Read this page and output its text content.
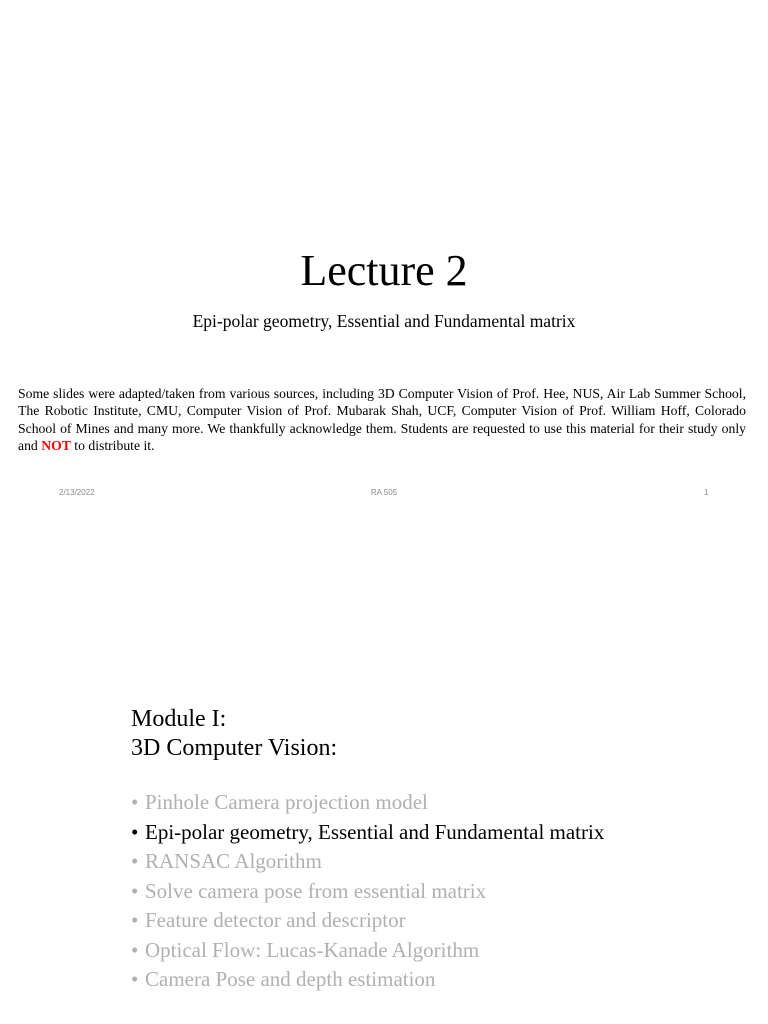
Lecture 2
Epi-polar geometry, Essential and Fundamental matrix
Some slides were adapted/taken from various sources, including 3D Computer Vision of Prof. Hee, NUS, Air Lab Summer School, The Robotic Institute, CMU, Computer Vision of Prof. Mubarak Shah, UCF, Computer Vision of Prof. William Hoff, Colorado School of Mines and many more. We thankfully acknowledge them. Students are requested to use this material for their study only and NOT to distribute it.
2/13/2022	RA 505	1
Module I:
3D Computer Vision:
• Pinhole Camera projection model
• Epi-polar geometry, Essential and Fundamental matrix
• RANSAC Algorithm
• Solve camera pose from essential matrix
• Feature detector and descriptor
• Optical Flow: Lucas-Kanade Algorithm
• Camera Pose and depth estimation
